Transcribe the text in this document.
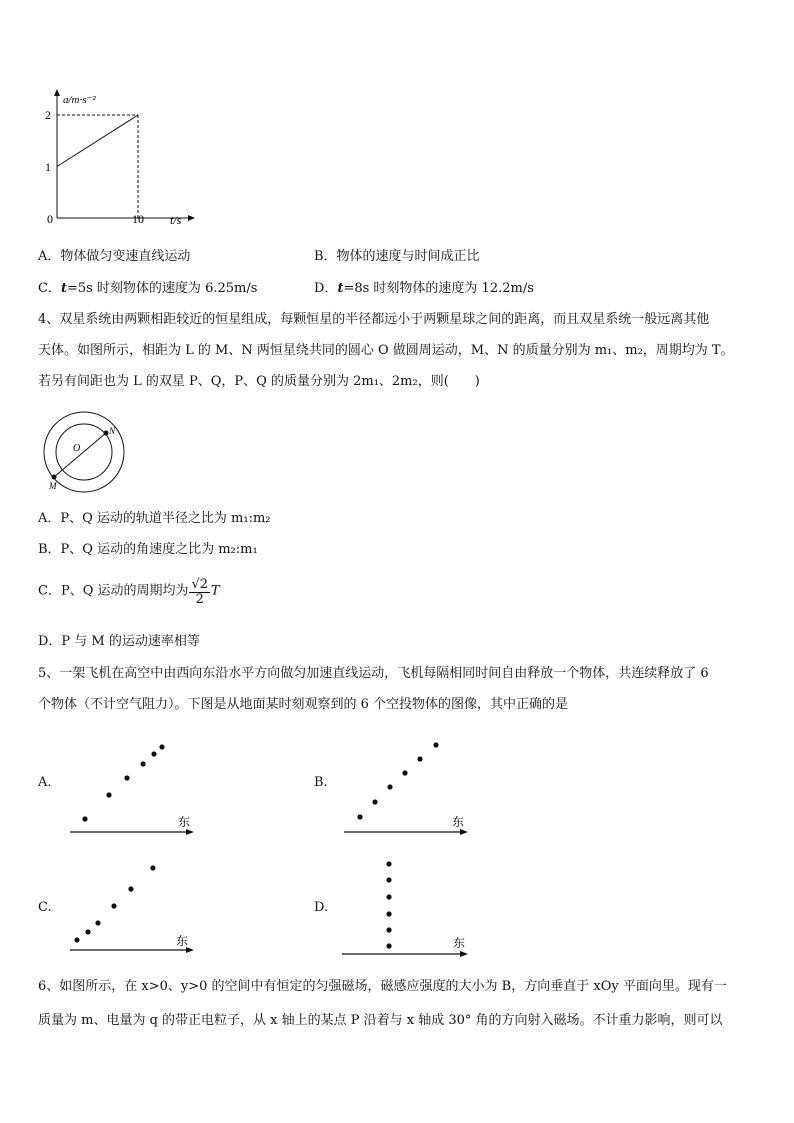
a/m·s⁻²
2
1
0	10 t/s
A．物体做匀变速直线运动	B．物体的速度与时间成正比
C．t=5s 时刻物体的速度为 6.25m/s	D．t=8s 时刻物体的速度为 12.2m/s
4、双星系统由两颗相距较近的恒星组成，每颗恒星的半径都远小于两颗星球之间的距离，而且双星系统一般远离其他
天体。如图所示，相距为 L 的 M、N 两恒星绕共同的圆心 O 做圆周运动，M、N 的质量分别为 m₁、m₂，周期均为 T。
若另有间距也为 L 的双星 P、Q，P、Q 的质量分别为 2m₁、2m₂，则(　　)
N
O
M
A．P、Q 运动的轨道半径之比为 m₁:m₂
B．P、Q 运动的角速度之比为 m₂:m₁
C．P、Q 运动的周期均为 $\frac{√2}{2}$ T
D．P 与 M 的运动速率相等
5、一架飞机在高空中由西向东沿水平方向做匀加速直线运动，飞机每隔相同时间自由释放一个物体，共连续释放了 6
个物体（不计空气阻力）。下图是从地面某时刻观察到的 6 个空投物体的图像，其中正确的是
A.
东
B.
东
C.
东
D.
东
6、如图所示，在 x>0、y>0 的空间中有恒定的匀强磁场，磁感应强度的大小为 B，方向垂直于 xOy 平面向里。现有一
质量为 m、电量为 q 的带正电粒子，从 x 轴上的某点 P 沿着与 x 轴成 30° 角的方向射入磁场。不计重力影响，则可以
